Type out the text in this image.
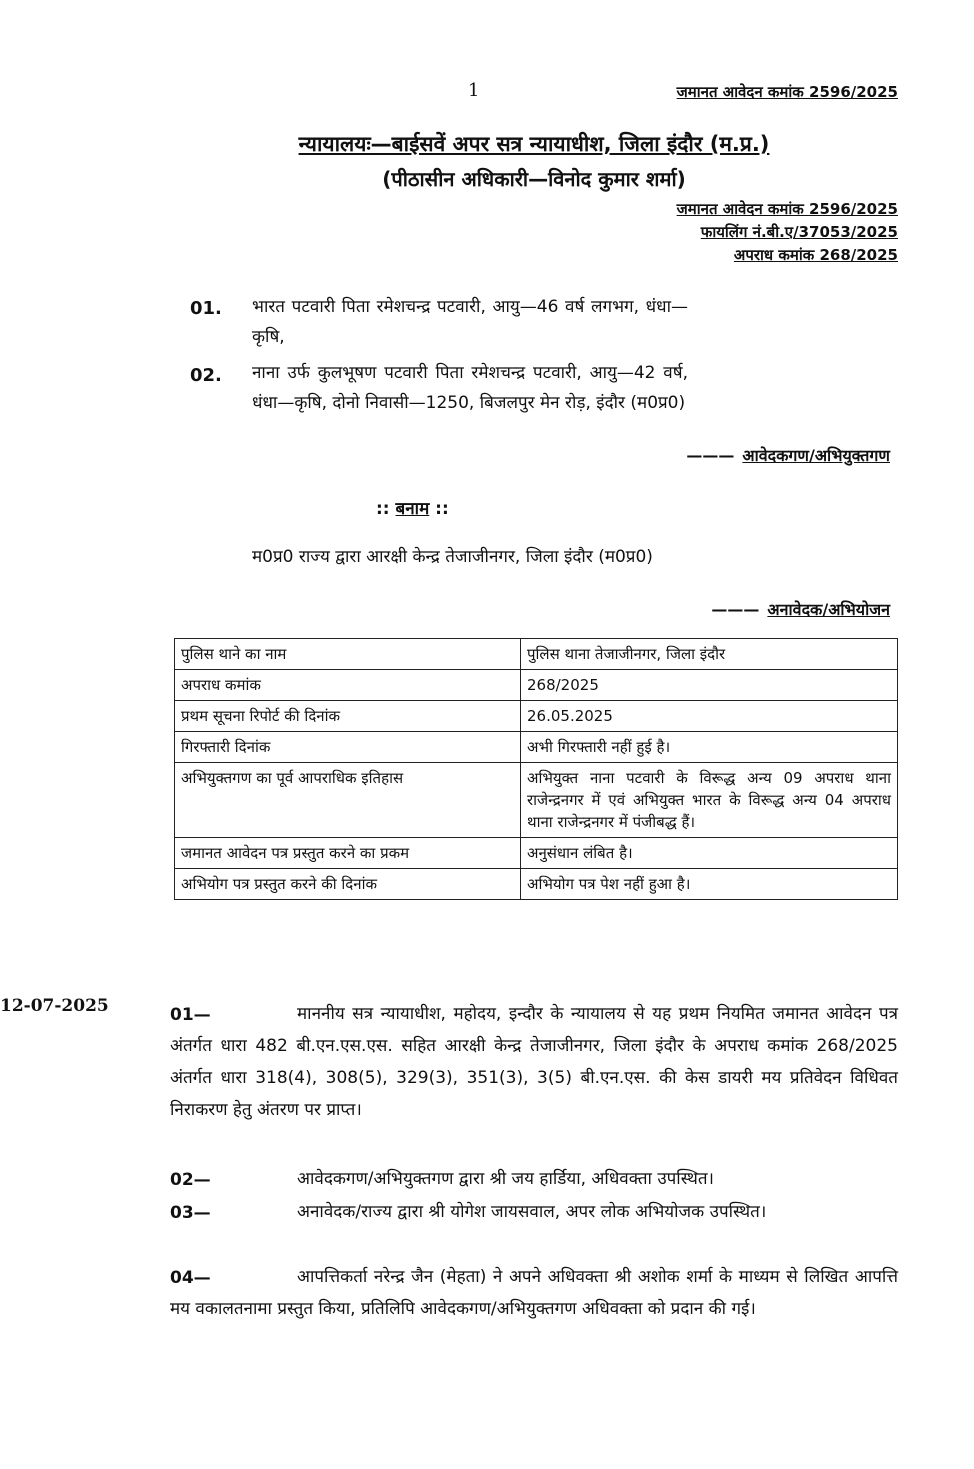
1	जमानत आवेदन कमांक 2596/2025
न्यायालयः—बाईसवें अपर सत्र न्यायाधीश, जिला इंदौर (म.प्र.)
(पीठासीन अधिकारी—विनोद कुमार शर्मा)
जमानत आवेदन कमांक 2596/2025
फायलिंग नं.बी.ए/37053/2025
अपराध कमांक 268/2025
01. भारत पटवारी पिता रमेशचन्द्र पटवारी, आयु—46 वर्ष लगभग, धंधा—कृषि,
02. नाना उर्फ कुलभूषण पटवारी पिता रमेशचन्द्र पटवारी, आयु—42 वर्ष, धंधा—कृषि, दोनो निवासी—1250, बिजलपुर मेन रोड़, इंदौर (म0प्र0)
——— आवेदकगण/अभियुक्तगण
:: बनाम ::
म0प्र0 राज्य द्वारा आरक्षी केन्द्र तेजाजीनगर, जिला इंदौर (म0प्र0)
——— अनावेदक/अभियोजन
पुलिस थाने का नाम	पुलिस थाना तेजाजीनगर, जिला इंदौर
अपराध कमांक	268/2025
प्रथम सूचना रिपोर्ट की दिनांक	26.05.2025
गिरफ्तारी दिनांक	अभी गिरफ्तारी नहीं हुई है।
अभियुक्तगण का पूर्व आपराधिक इतिहास	अभियुक्त नाना पटवारी के विरूद्ध अन्य 09 अपराध थाना राजेन्द्रनगर में एवं अभियुक्त भारत के विरूद्ध अन्य 04 अपराध थाना राजेन्द्रनगर में पंजीबद्ध हैं।
जमानत आवेदन पत्र प्रस्तुत करने का प्रकम	अनुसंधान लंबित है।
अभियोग पत्र प्रस्तुत करने की दिनांक	अभियोग पत्र पेश नहीं हुआ है।
12-07-2025	01—	माननीय सत्र न्यायाधीश, महोदय, इन्दौर के न्यायालय से यह प्रथम नियमित जमानत आवेदन पत्र अंतर्गत धारा 482 बी.एन.एस.एस. सहित आरक्षी केन्द्र तेजाजीनगर, जिला इंदौर के अपराध कमांक 268/2025 अंतर्गत धारा 318(4), 308(5), 329(3), 351(3), 3(5) बी.एन.एस. की केस डायरी मय प्रतिवेदन विधिवत निराकरण हेतु अंतरण पर प्राप्त।
02—	आवेदकगण/अभियुक्तगण द्वारा श्री जय हार्डिया, अधिवक्ता उपस्थित।
03—	अनावेदक/राज्य द्वारा श्री योगेश जायसवाल, अपर लोक अभियोजक उपस्थित।
04—	आपत्तिकर्ता नरेन्द्र जैन (मेहता) ने अपने अधिवक्ता श्री अशोक शर्मा के माध्यम से लिखित आपत्ति मय वकालतनामा प्रस्तुत किया, प्रतिलिपि आवेदकगण/अभियुक्तगण अधिवक्ता को प्रदान की गई।
